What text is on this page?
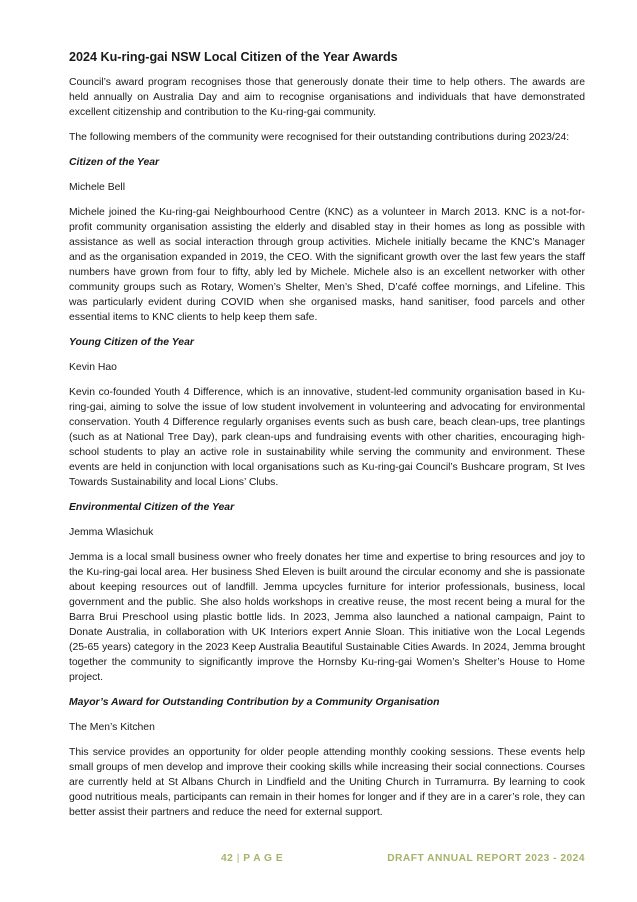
2024 Ku-ring-gai NSW Local Citizen of the Year Awards

Council’s award program recognises those that generously donate their time to help others. The awards are held annually on Australia Day and aim to recognise organisations and individuals that have demonstrated excellent citizenship and contribution to the Ku-ring-gai community.

The following members of the community were recognised for their outstanding contributions during 2023/24:

Citizen of the Year

Michele Bell

Michele joined the Ku-ring-gai Neighbourhood Centre (KNC) as a volunteer in March 2013. KNC is a not-for-profit community organisation assisting the elderly and disabled stay in their homes as long as possible with assistance as well as social interaction through group activities. Michele initially became the KNC’s Manager and as the organisation expanded in 2019, the CEO. With the significant growth over the last few years the staff numbers have grown from four to fifty, ably led by Michele. Michele also is an excellent networker with other community groups such as Rotary, Women’s Shelter, Men’s Shed, D’café coffee mornings, and Lifeline. This was particularly evident during COVID when she organised masks, hand sanitiser, food parcels and other essential items to KNC clients to help keep them safe.

Young Citizen of the Year

Kevin Hao

Kevin co-founded Youth 4 Difference, which is an innovative, student-led community organisation based in Ku-ring-gai, aiming to solve the issue of low student involvement in volunteering and advocating for environmental conservation. Youth 4 Difference regularly organises events such as bush care, beach clean-ups, tree plantings (such as at National Tree Day), park clean-ups and fundraising events with other charities, encouraging high-school students to play an active role in sustainability while serving the community and environment. These events are held in conjunction with local organisations such as Ku-ring-gai Council’s Bushcare program, St Ives Towards Sustainability and local Lions’ Clubs.

Environmental Citizen of the Year

Jemma Wlasichuk

Jemma is a local small business owner who freely donates her time and expertise to bring resources and joy to the Ku-ring-gai local area. Her business Shed Eleven is built around the circular economy and she is passionate about keeping resources out of landfill. Jemma upcycles furniture for interior professionals, business, local government and the public. She also holds workshops in creative reuse, the most recent being a mural for the Barra Brui Preschool using plastic bottle lids. In 2023, Jemma also launched a national campaign, Paint to Donate Australia, in collaboration with UK Interiors expert Annie Sloan. This initiative won the Local Legends (25-65 years) category in the 2023 Keep Australia Beautiful Sustainable Cities Awards. In 2024, Jemma brought together the community to significantly improve the Hornsby Ku-ring-gai Women’s Shelter’s House to Home project.

Mayor’s Award for Outstanding Contribution by a Community Organisation

The Men’s Kitchen

This service provides an opportunity for older people attending monthly cooking sessions. These events help small groups of men develop and improve their cooking skills while increasing their social connections. Courses are currently held at St Albans Church in Lindfield and the Uniting Church in Turramurra. By learning to cook good nutritious meals, participants can remain in their homes for longer and if they are in a carer’s role, they can better assist their partners and reduce the need for external support.

42 | P A G E	DRAFT ANNUAL REPORT 2023 - 2024
